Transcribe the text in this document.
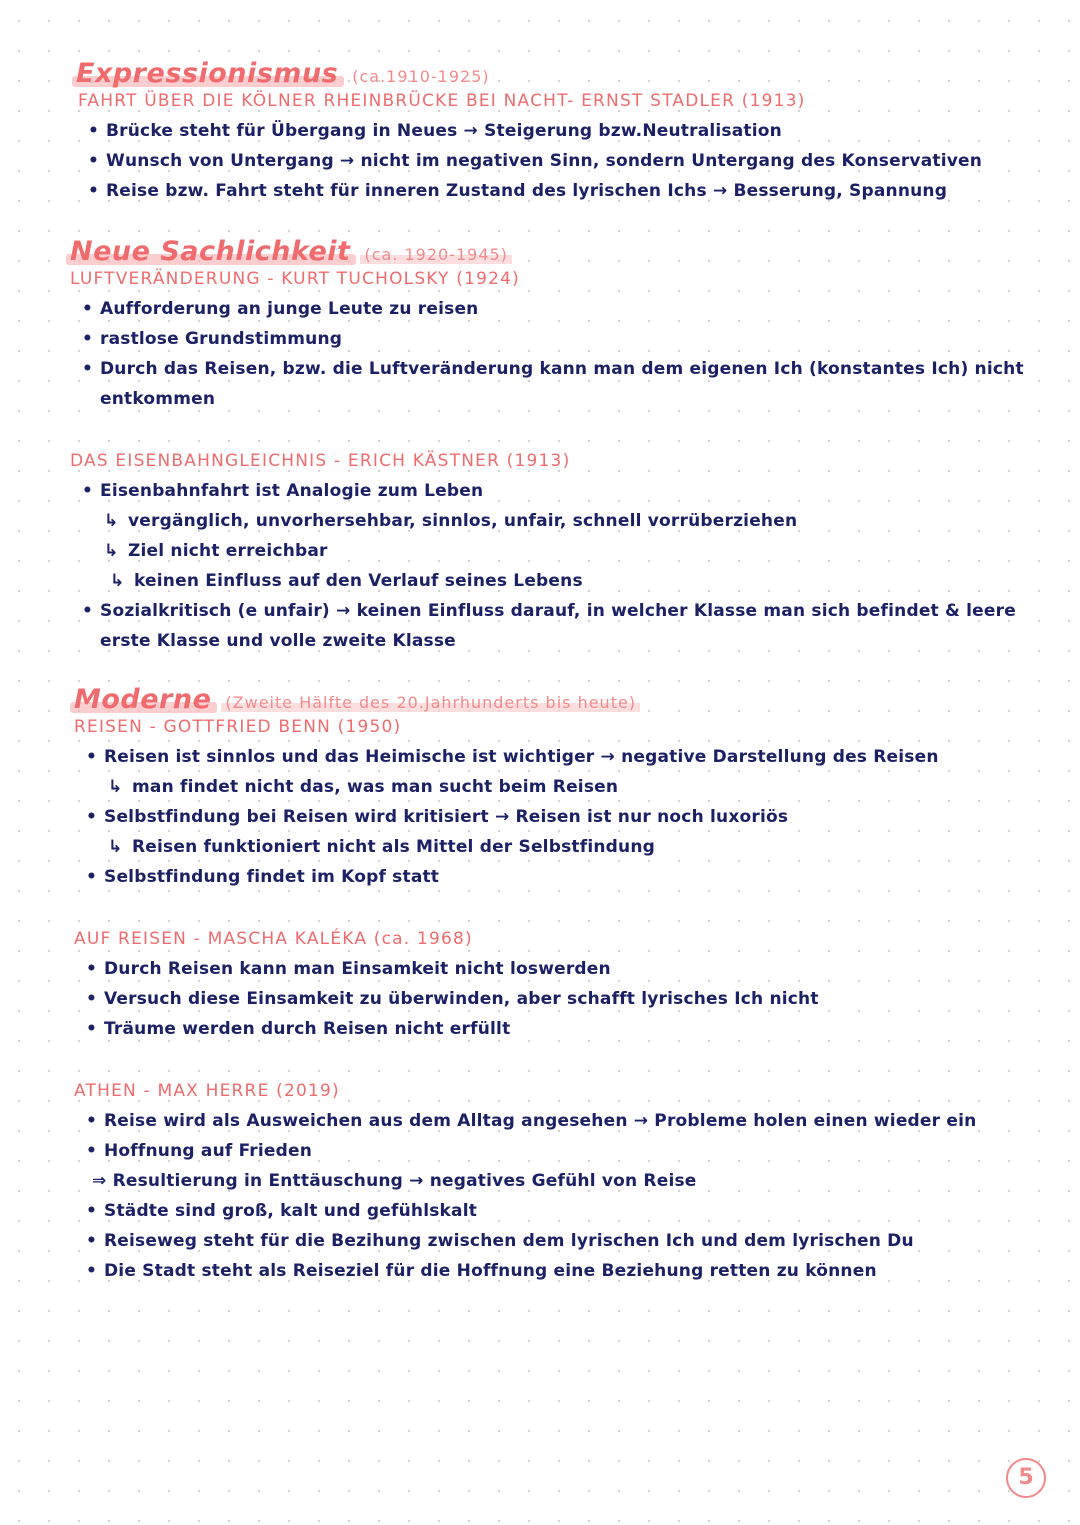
Expressionismus (ca.1910-1925)
FAHRT ÜBER DIE KÖLNER RHEINBRÜCKE BEI NACHT- ERNST STADLER (1913)
• Brücke steht für Übergang in Neues → Steigerung bzw.Neutralisation
• Wunsch von Untergang → nicht im negativen Sinn, sondern Untergang des Konservativen
• Reise bzw. Fahrt steht für inneren Zustand des lyrischen Ichs → Besserung, Spannung
Neue Sachlichkeit (ca. 1920-1945)
LUFTVERÄNDERUNG - KURT TUCHOLSKY (1924)
• Aufforderung an junge Leute zu reisen
• rastlose Grundstimmung
• Durch das Reisen, bzw. die Luftveränderung kann man dem eigenen Ich (konstantes Ich) nicht
entkommen
DAS EISENBAHNGLEICHNIS - ERICH KÄSTNER (1913)
• Eisenbahnfahrt ist Analogie zum Leben
↳ vergänglich, unvorhersehbar, sinnlos, unfair, schnell vorrüberziehen
↳ Ziel nicht erreichbar
↳ keinen Einfluss auf den Verlauf seines Lebens
• Sozialkritisch (e unfair) → keinen Einfluss darauf, in welcher Klasse man sich befindet & leere
erste Klasse und volle zweite Klasse
Moderne (Zweite Hälfte des 20.Jahrhunderts bis heute)
REISEN - GOTTFRIED BENN (1950)
• Reisen ist sinnlos und das Heimische ist wichtiger → negative Darstellung des Reisen
↳ man findet nicht das, was man sucht beim Reisen
• Selbstfindung bei Reisen wird kritisiert → Reisen ist nur noch luxoriös
↳ Reisen funktioniert nicht als Mittel der Selbstfindung
• Selbstfindung findet im Kopf statt
AUF REISEN - MASCHA KALÉKA (ca. 1968)
• Durch Reisen kann man Einsamkeit nicht loswerden
• Versuch diese Einsamkeit zu überwinden, aber schafft lyrisches Ich nicht
• Träume werden durch Reisen nicht erfüllt
ATHEN - MAX HERRE (2019)
• Reise wird als Ausweichen aus dem Alltag angesehen → Probleme holen einen wieder ein
• Hoffnung auf Frieden
⇒ Resultierung in Enttäuschung → negatives Gefühl von Reise
• Städte sind groß, kalt und gefühlskalt
• Reiseweg steht für die Bezihung zwischen dem lyrischen Ich und dem lyrischen Du
• Die Stadt steht als Reiseziel für die Hoffnung eine Beziehung retten zu können
5
